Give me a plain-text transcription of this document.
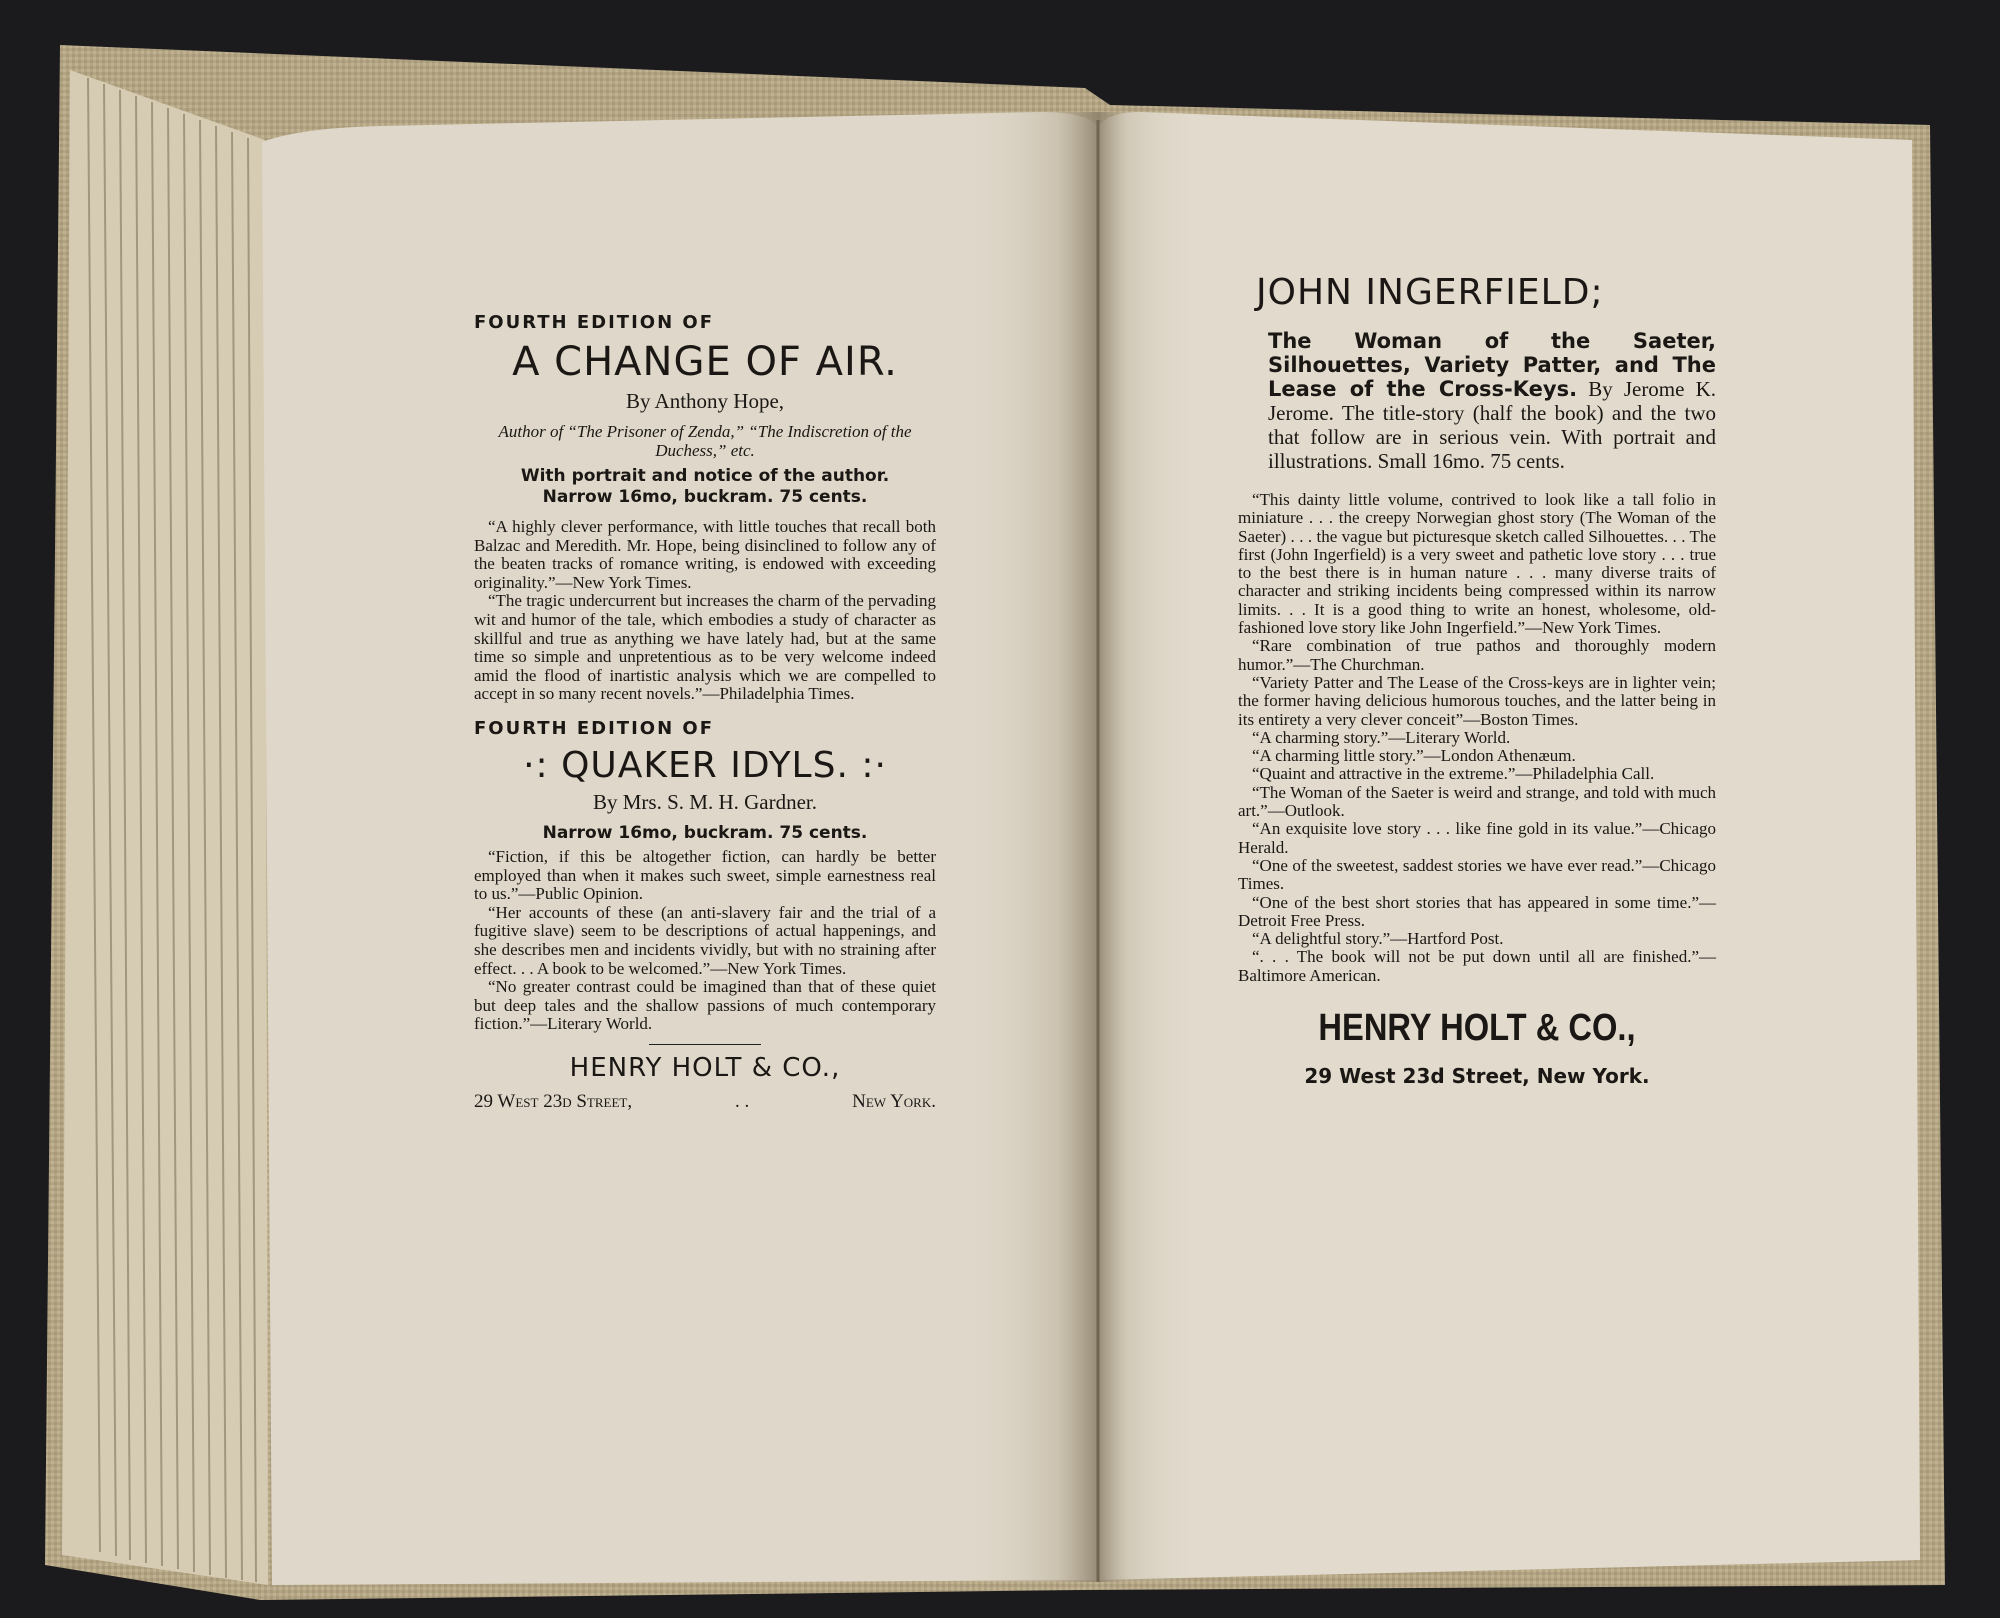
FOURTH EDITION OF
A CHANGE OF AIR.
By Anthony Hope,
Author of “The Prisoner of Zenda,” “The Indiscretion of the Duchess,” etc.
With portrait and notice of the author.
Narrow 16mo, buckram. 75 cents.

“A highly clever performance, with little touches that recall both Balzac and Meredith. Mr. Hope, being disinclined to follow any of the beaten tracks of romance writing, is endowed with exceeding originality.”—New York Times.

“The tragic undercurrent but increases the charm of the pervading wit and humor of the tale, which embodies a study of character as skillful and true as anything we have lately had, but at the same time so simple and unpretentious as to be very welcome indeed amid the flood of inartistic analysis which we are compelled to accept in so many recent novels.”—Philadelphia Times.

FOURTH EDITION OF
·: QUAKER IDYLS. :·
By Mrs. S. M. H. Gardner.
Narrow 16mo, buckram. 75 cents.

“Fiction, if this be altogether fiction, can hardly be better employed than when it makes such sweet, simple earnestness real to us.”—Public Opinion.

“Her accounts of these (an anti-slavery fair and the trial of a fugitive slave) seem to be descriptions of actual happenings, and she describes men and incidents vividly, but with no straining after effect. . . A book to be welcomed.”—New York Times.

“No greater contrast could be imagined than that of these quiet but deep tales and the shallow passions of much contemporary fiction.”—Literary World.

HENRY HOLT & CO.,
29 West 23d Street,	. .	New York.
JOHN INGERFIELD;
The Woman of the Saeter, Silhouettes, Variety Patter, and The Lease of the Cross-Keys. By Jerome K. Jerome. The title-story (half the book) and the two that follow are in serious vein. With portrait and illustrations. Small 16mo. 75 cents.

“This dainty little volume, contrived to look like a tall folio in miniature . . . the creepy Norwegian ghost story (The Woman of the Saeter) . . . the vague but picturesque sketch called Silhouettes. . . The first (John Ingerfield) is a very sweet and pathetic love story . . . true to the best there is in human nature . . . many diverse traits of character and striking incidents being compressed within its narrow limits. . . It is a good thing to write an honest, wholesome, old-fashioned love story like John Ingerfield.”—New York Times.

“Rare combination of true pathos and thoroughly modern humor.”—The Churchman.

“Variety Patter and The Lease of the Cross-keys are in lighter vein; the former having delicious humorous touches, and the latter being in its entirety a very clever conceit”—Boston Times.

“A charming story.”—Literary World.

“A charming little story.”—London Athenæum.

“Quaint and attractive in the extreme.”—Philadelphia Call.

“The Woman of the Saeter is weird and strange, and told with much art.”—Outlook.

“An exquisite love story . . . like fine gold in its value.”—Chicago Herald.

“One of the sweetest, saddest stories we have ever read.”—Chicago Times.

“One of the best short stories that has appeared in some time.”—Detroit Free Press.

“A delightful story.”—Hartford Post.

“. . . The book will not be put down until all are finished.”—Baltimore American.

HENRY HOLT & CO.,
29 West 23d Street, New York.
